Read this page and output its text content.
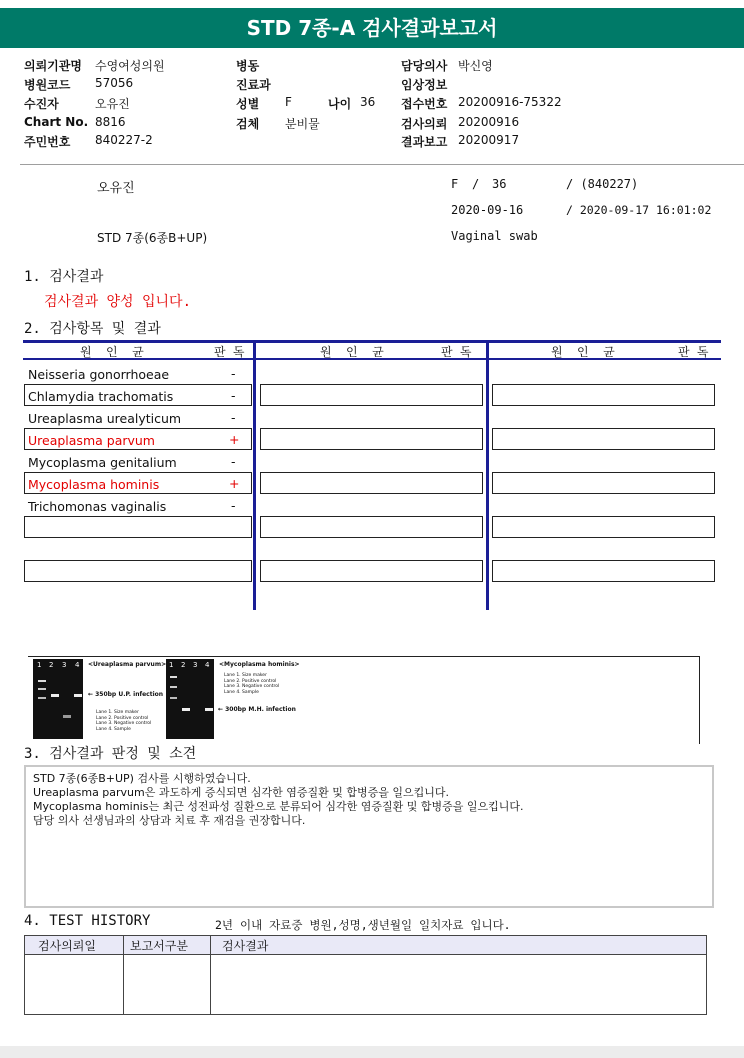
STD 7종-A 검사결과보고서
의뢰기관명 수영여성의원
병원코드 57056
수진자	오유진
Chart No. 8816
주민번호 840227-2
병동
진료과
성별 F	나이 36
검체 분비물
담당의사 박신영
임상정보
접수번호 20200916-75322
검사의뢰 20200916
결과보고 20200917
오유진	F / 36	/ (840227)
2020-09-16	/ 2020-09-17 16:01:02
STD 7종(6종B+UP)	Vaginal swab
1. 검사결과
검사결과 양성 입니다.
2. 검사항목 및 결과
원  인  균	판 독	원  인  균	판 독	원  인  균	판 독
Neisseria gonorrhoeae	-
Chlamydia trachomatis	-
Ureaplasma urealyticum	-
Ureaplasma parvum	+
Mycoplasma genitalium	-
Mycoplasma hominis	+
Trichomonas vaginalis	-
1 2 3 4 <Ureaplasma parvum>
← 350bp U.P. infection
Lane 1. Size maker
Lane 2. Positive control
Lane 3. Negative control
Lane 4. Sample
1 2 3 4 <Mycoplasma hominis>
Lane 1. Size maker
Lane 2. Positive control
Lane 3. Negative control
Lane 4. Sample
← 300bp M.H. infection
3. 검사결과 판정 및 소견
STD 7종(6종B+UP) 검사를 시행하였습니다.
Ureaplasma parvum은 과도하게 증식되면 심각한 염증질환 및 합병증을 일으킵니다.
Mycoplasma hominis는 최근 성전파성 질환으로 분류되어 심각한 염증질환 및 합병증을 일으킵니다.
담당 의사 선생님과의 상담과 치료 후 재검을 권장합니다.
4. TEST HISTORY	2년 이내 자료중 병원,성명,생년월일 일치자료 입니다.
검사의뢰일	보고서구분	검사결과
